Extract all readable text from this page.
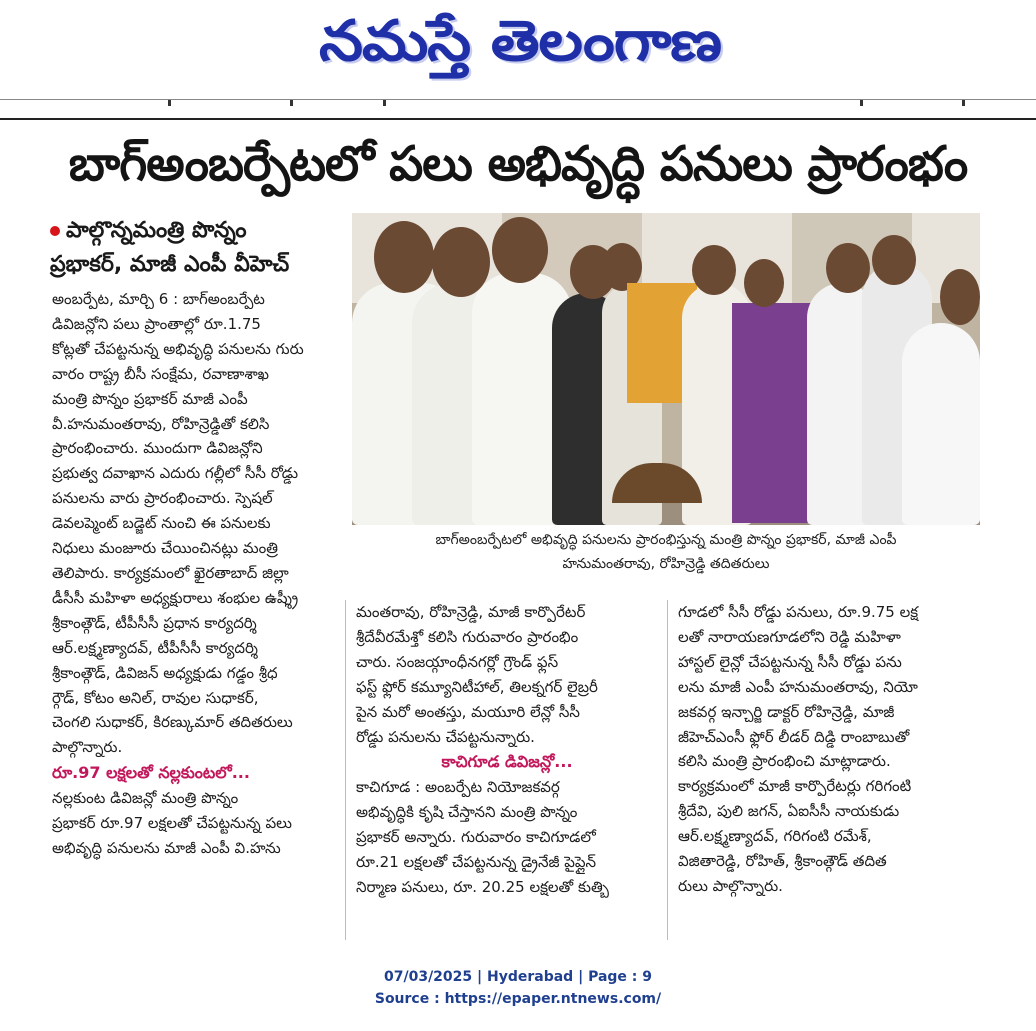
నమస్తే తెలంగాణ
బాగ్అంబర్పేటలో పలు అభివృద్ధి పనులు ప్రారంభం
పాల్గొన్నమంత్రి పొన్నం
ప్రభాకర్, మాజీ ఎంపీ వీహెచ్
బాగ్అంబర్పేటలో అభివృద్ధి పనులను ప్రారంభిస్తున్న మంత్రి పొన్నం ప్రభాకర్, మాజీ ఎంపీ
హనుమంతరావు, రోహిన్రెడ్డి తదితరులు

అంబర్పేట, మార్చి 6 : బాగ్అంబర్పేట

డివిజన్లోని పలు ప్రాంతాల్లో రూ.1.75

కోట్లతో చేపట్టనున్న అభివృద్ధి పనులను గురు

వారం రాష్ట్ర బీసీ సంక్షేమ, రవాణాశాఖ

మంత్రి పొన్నం ప్రభాకర్ మాజీ ఎంపీ

వీ.హనుమంతరావు, రోహిన్రెడ్డితో కలిసి

ప్రారంభించారు. ముందుగా డివిజన్లోని

ప్రభుత్వ దవాఖాన ఎదురు గల్లీలో సీసీ రోడ్డు

పనులను వారు ప్రారంభించారు. స్పెషల్

డెవలప్మెంట్ బడ్జెట్ నుంచి ఈ పనులకు

నిధులు మంజూరు చేయించినట్లు మంత్రి

తెలిపారు. కార్యక్రమంలో ఖైరతాబాద్ జిల్లా

డీసీసీ మహిళా అధ్యక్షురాలు శంభుల ఉష్శ్రీ

శ్రీకాంత్గౌడ్, టీపీసీసీ ప్రధాన కార్యదర్శి

ఆర్.లక్ష్మణ్యాదవ్, టీపీసీసీ కార్యదర్శి

శ్రీకాంత్గౌడ్, డివిజన్ అధ్యక్షుడు గడ్డం శ్రీధ

ర్గౌడ్, కోటం అనిల్, రావుల సుధాకర్,

చెంగలి సుధాకర్, కిరణ్కుమార్ తదితరులు

పాల్గొన్నారు.

రూ.97 లక్షలతో నల్లకుంటలో...

నల్లకుంట డివిజన్లో మంత్రి పొన్నం

ప్రభాకర్ రూ.97 లక్షలతో చేపట్టనున్న పలు

అభివృద్ధి పనులను మాజీ ఎంపీ వి.హను

మంతరావు, రోహిన్రెడ్డి, మాజీ కార్పొరేటర్

శ్రీదేవీరమేశ్తో కలిసి గురువారం ప్రారంభిం

చారు. సంజయ్గాంధీనగర్లో గ్రౌండ్ ఫ్లస్

ఫస్ట్ ఫ్లోర్ కమ్యూనిటీహాల్, తిలక్నగర్ లైబ్రరీ

పైన మరో అంతస్తు, మయూరి లేన్లో సీసీ

రోడ్డు పనులను చేపట్టనున్నారు.

కాచిగూడ డివిజన్లో...

కాచిగూడ : అంబర్పేట నియోజకవర్గ

అభివృద్ధికి కృషి చేస్తానని మంత్రి పొన్నం

ప్రభాకర్ అన్నారు. గురువారం కాచిగూడలో

రూ.21 లక్షలతో చేపట్టనున్న డ్రైనేజీ పైప్లైన్

నిర్మాణ పనులు, రూ. 20.25 లక్షలతో కుత్బి

గూడలో సీసీ రోడ్డు పనులు, రూ.9.75 లక్ష

లతో నారాయణగూడలోని రెడ్డి మహిళా

హాస్టల్ లైన్లో చేపట్టనున్న సీసీ రోడ్డు పను

లను మాజీ ఎంపీ హనుమంతరావు, నియో

జకవర్గ ఇన్చార్జి డాక్టర్ రోహిన్రెడ్డి, మాజీ

జీహెచ్ఎంసీ ఫ్లోర్ లీడర్ దిడ్డి రాంబాబుతో

కలిసి మంత్రి ప్రారంభించి మాట్లాడారు.

కార్యక్రమంలో మాజీ కార్పొరేటర్లు గరిగంటి

శ్రీదేవి, పులి జగన్, ఏఐసీసీ నాయకుడు

ఆర్.లక్ష్మణ్యాదవ్, గరిగంటి రమేశ్,

విజితారెడ్డి, రోహిత్, శ్రీకాంత్గౌడ్ తదిత

రులు పాల్గొన్నారు.

07/03/2025 | Hyderabad | Page : 9
Source : https://epaper.ntnews.com/
